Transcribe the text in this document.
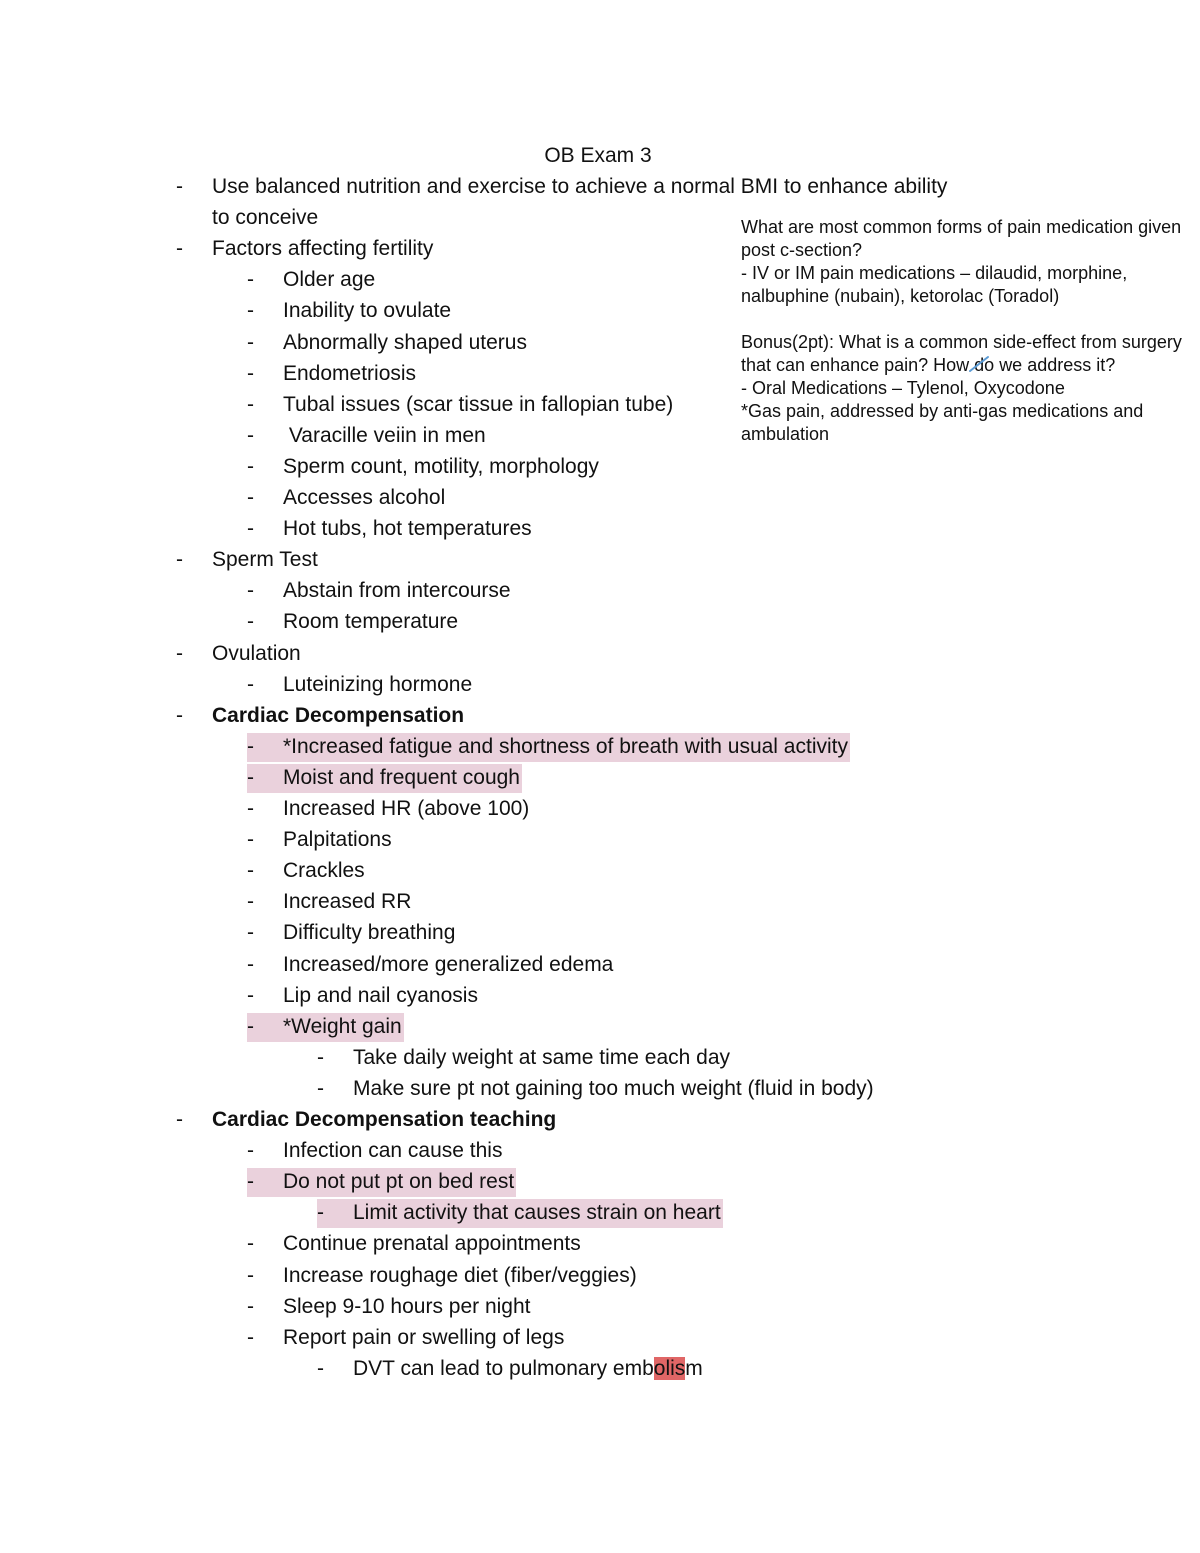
OB Exam 3
- Use balanced nutrition and exercise to achieve a normal BMI to enhance ability
to conceive
- Factors affecting fertility
- Older age
- Inability to ovulate
- Abnormally shaped uterus
- Endometriosis
- Tubal issues (scar tissue in fallopian tube)
- Varacille veiin in men
- Sperm count, motility, morphology
- Accesses alcohol
- Hot tubs, hot temperatures
- Sperm Test
- Abstain from intercourse
- Room temperature
- Ovulation
- Luteinizing hormone
- Cardiac Decompensation
- *Increased fatigue and shortness of breath with usual activity
- Moist and frequent cough
- Increased HR (above 100)
- Palpitations
- Crackles
- Increased RR
- Difficulty breathing
- Increased/more generalized edema
- Lip and nail cyanosis
- *Weight gain
- Take daily weight at same time each day
- Make sure pt not gaining too much weight (fluid in body)
- Cardiac Decompensation teaching
- Infection can cause this
- Do not put pt on bed rest
- Limit activity that causes strain on heart
- Continue prenatal appointments
- Increase roughage diet (fiber/veggies)
- Sleep 9-10 hours per night
- Report pain or swelling of legs
- DVT can lead to pulmonary embolism

What are most common forms of pain medication given post c-section?

- IV or IM pain medications – dilaudid, morphine, nalbuphine (nubain), ketorolac (Toradol)

Bonus(2pt): What is a common side-effect from surgery that can enhance pain? How do we address it?

- Oral Medications – Tylenol, Oxycodone

*Gas pain, addressed by anti-gas medications and ambulation
